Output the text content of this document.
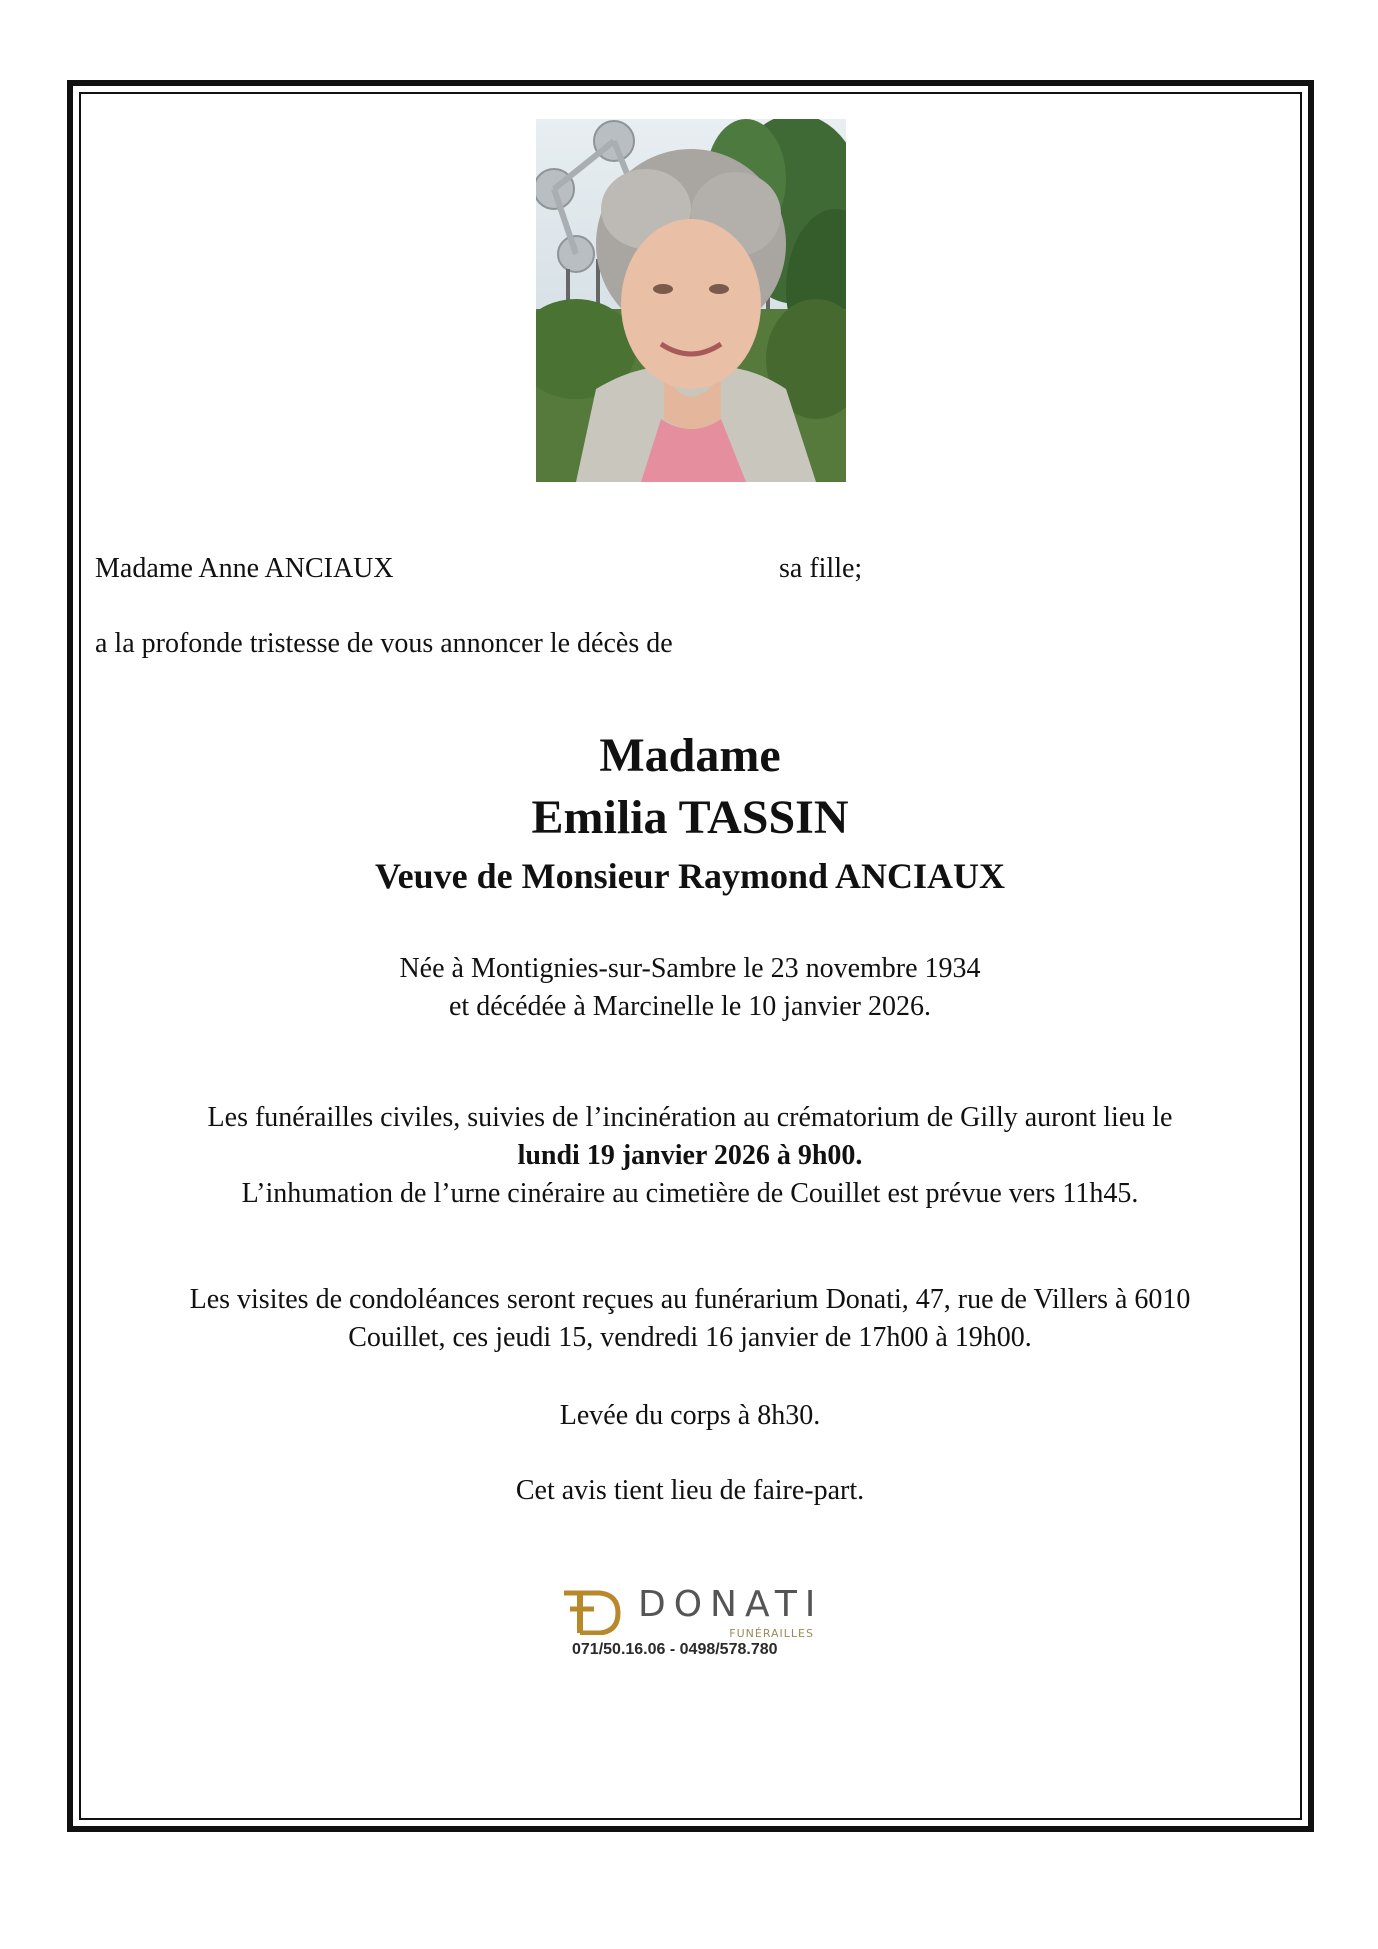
Madame Anne ANCIAUX	sa fille;
a la profonde tristesse de vous annoncer le décès de
Madame
Emilia TASSIN
Veuve de Monsieur Raymond ANCIAUX
Née à Montignies-sur-Sambre le 23 novembre 1934
et décédée à Marcinelle le 10 janvier 2026.
Les funérailles civiles, suivies de l’incinération au crématorium de Gilly auront lieu le
lundi 19 janvier 2026 à 9h00.
L’inhumation de l’urne cinéraire au cimetière de Couillet est prévue vers 11h45.
Les visites de condoléances seront reçues au funérarium Donati, 47, rue de Villers à 6010
Couillet, ces jeudi 15, vendredi 16 janvier de 17h00 à 19h00.
Levée du corps à 8h30.
Cet avis tient lieu de faire-part.
DONATI
FUNÉRAILLES
071/50.16.06 - 0498/578.780
